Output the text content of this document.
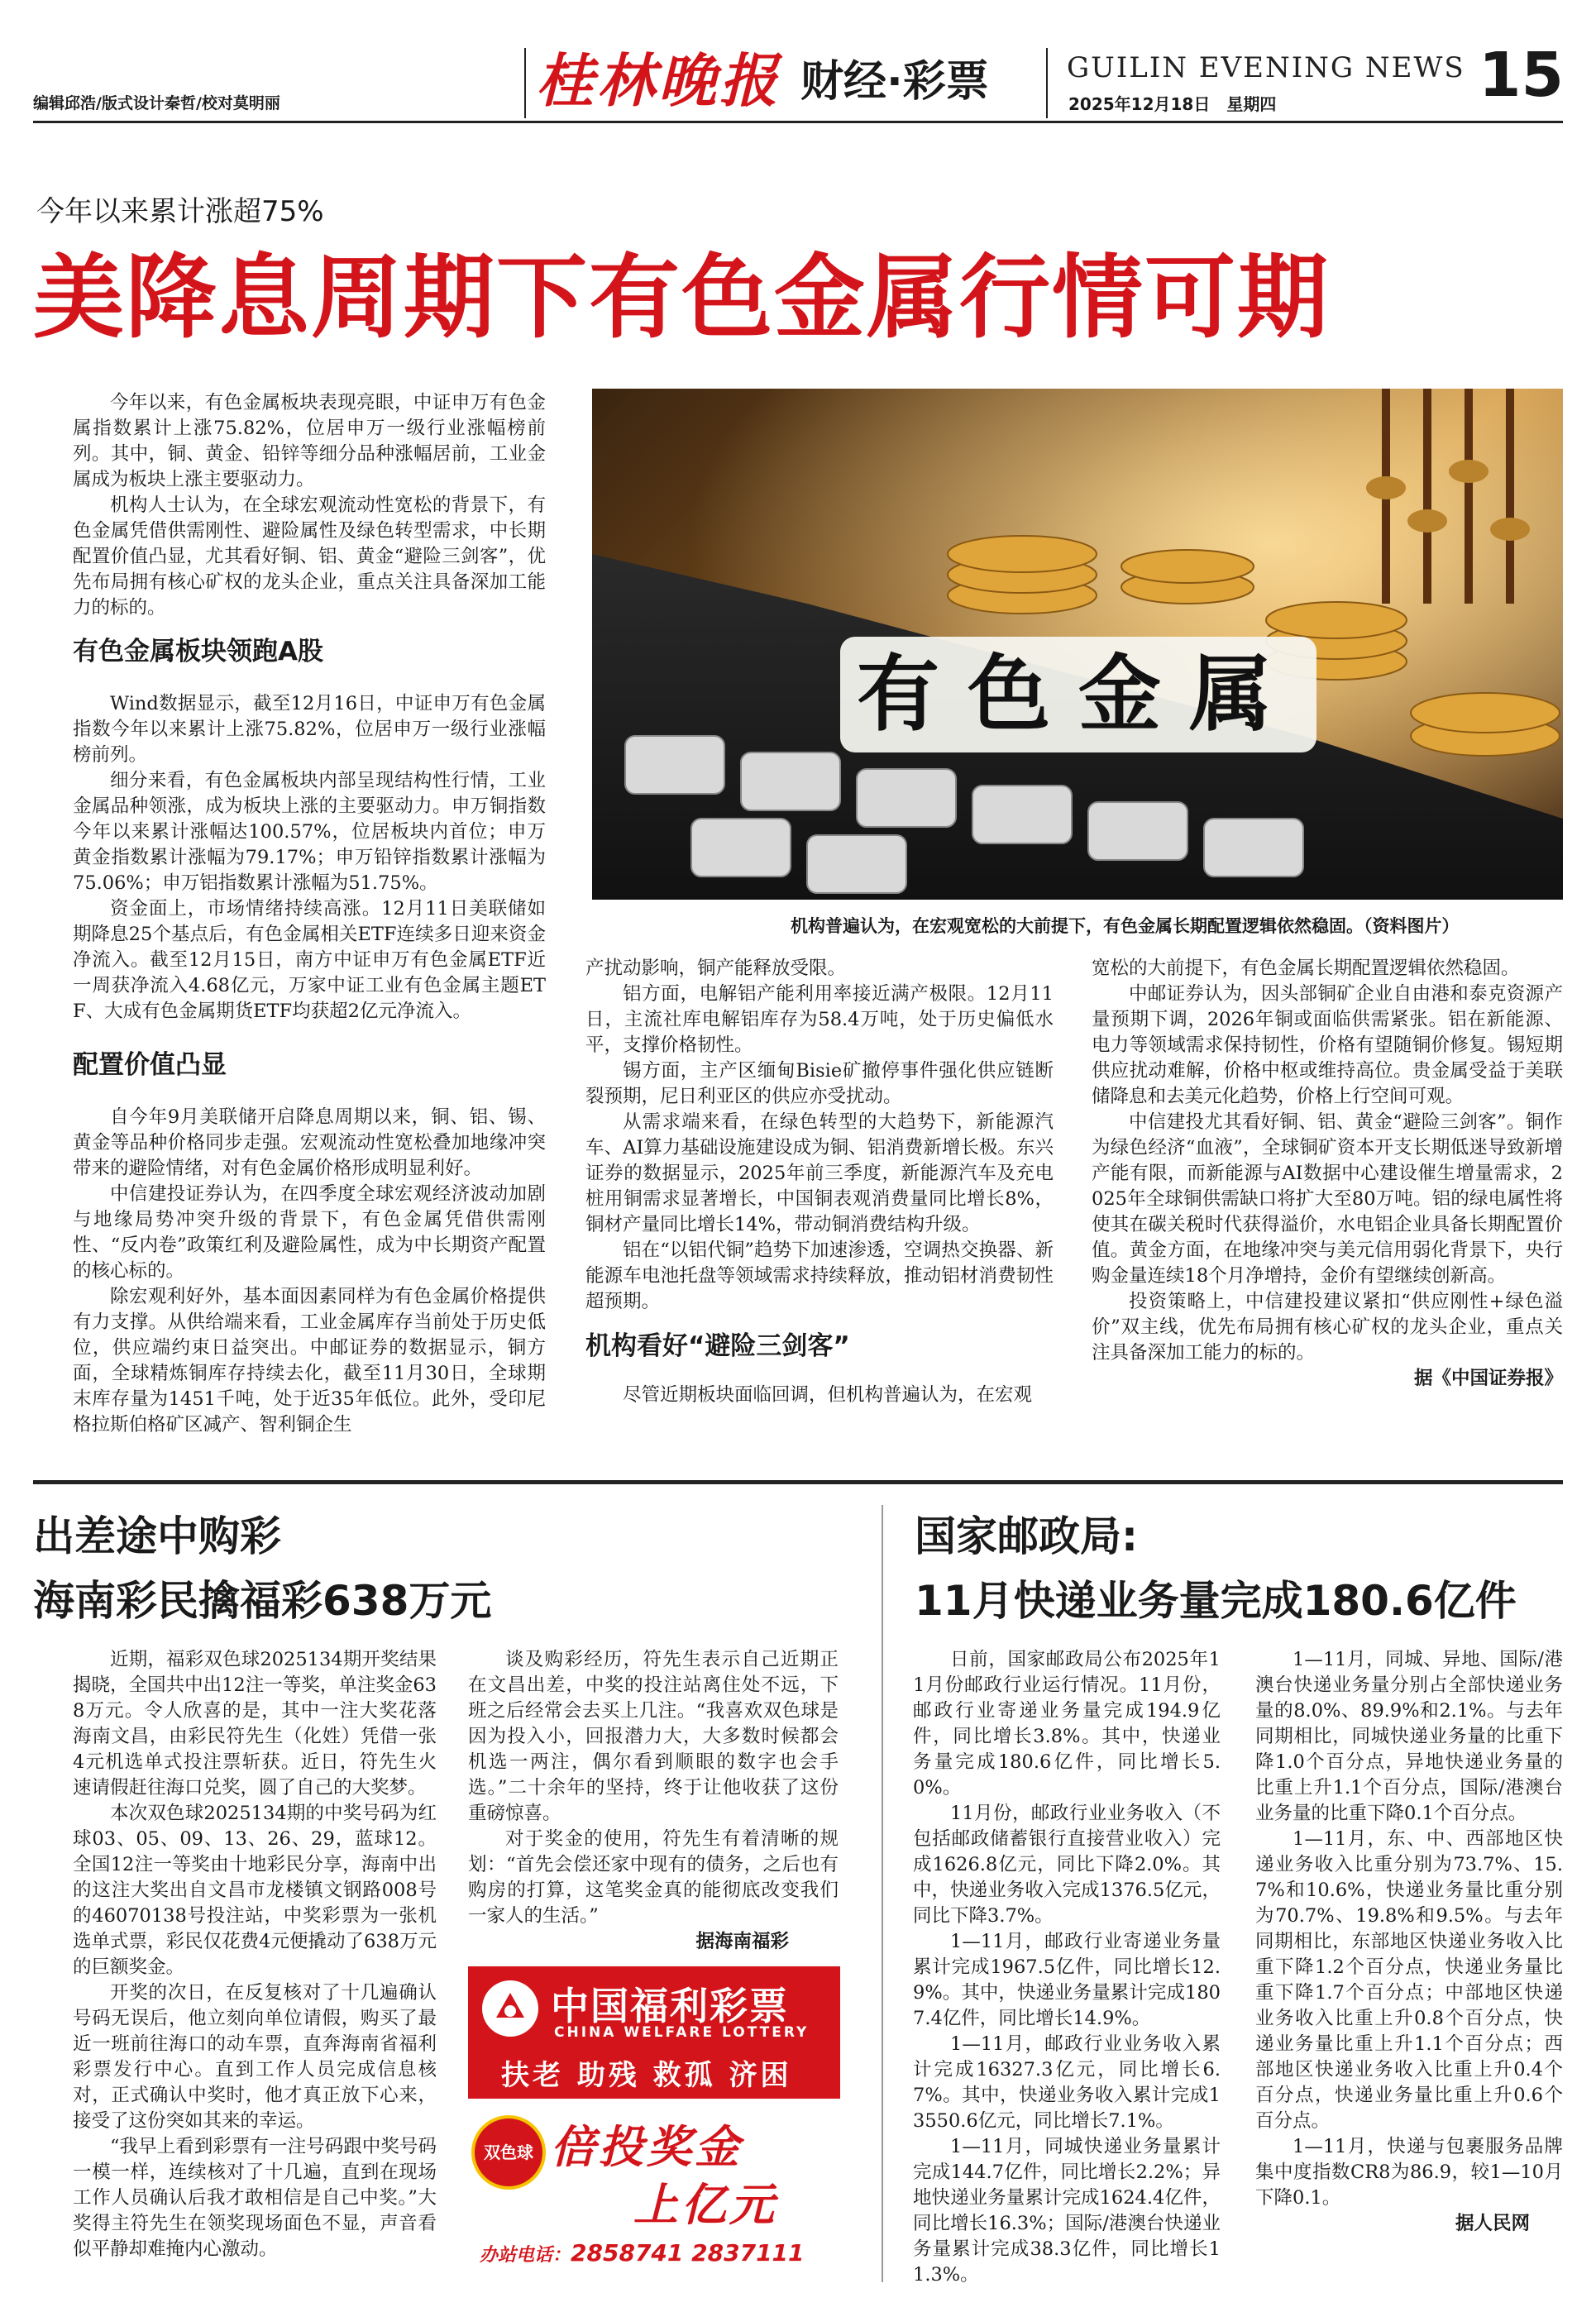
编辑邱浩/版式设计秦哲/校对莫明丽	桂林晚报 财经·彩票	GUILIN EVENING NEWS
2025年12月18日　星期四	15
今年以来累计涨超75%
美降息周期下有色金属行情可期
有色金属
机构普遍认为，在宏观宽松的大前提下，有色金属长期配置逻辑依然稳固。（资料图片）

今年以来，有色金属板块表现亮眼，中证申万有色金属指数累计上涨75.82%，位居申万一级行业涨幅榜前列。其中，铜、黄金、铅锌等细分品种涨幅居前，工业金属成为板块上涨主要驱动力。

机构人士认为，在全球宏观流动性宽松的背景下，有色金属凭借供需刚性、避险属性及绿色转型需求，中长期配置价值凸显，尤其看好铜、铝、黄金“避险三剑客”，优先布局拥有核心矿权的龙头企业，重点关注具备深加工能力的标的。

有色金属板块领跑A股

Wind数据显示，截至12月16日，中证申万有色金属指数今年以来累计上涨75.82%，位居申万一级行业涨幅榜前列。

细分来看，有色金属板块内部呈现结构性行情，工业金属品种领涨，成为板块上涨的主要驱动力。申万铜指数今年以来累计涨幅达100.57%，位居板块内首位；申万黄金指数累计涨幅为79.17%；申万铅锌指数累计涨幅为75.06%；申万铝指数累计涨幅为51.75%。

资金面上，市场情绪持续高涨。12月11日美联储如期降息25个基点后，有色金属相关ETF连续多日迎来资金净流入。截至12月15日，南方中证申万有色金属ETF近一周获净流入4.68亿元，万家中证工业有色金属主题ETF、大成有色金属期货ETF均获超2亿元净流入。

配置价值凸显

自今年9月美联储开启降息周期以来，铜、铝、锡、黄金等品种价格同步走强。宏观流动性宽松叠加地缘冲突带来的避险情绪，对有色金属价格形成明显利好。

中信建投证券认为，在四季度全球宏观经济波动加剧与地缘局势冲突升级的背景下，有色金属凭借供需刚性、“反内卷”政策红利及避险属性，成为中长期资产配置的核心标的。

除宏观利好外，基本面因素同样为有色金属价格提供有力支撑。从供给端来看，工业金属库存当前处于历史低位，供应端约束日益突出。中邮证券的数据显示，铜方面，全球精炼铜库存持续去化，截至11月30日，全球期末库存量为1451千吨，处于近35年低位。此外，受印尼格拉斯伯格矿区减产、智利铜企生

产扰动影响，铜产能释放受限。

铝方面，电解铝产能利用率接近满产极限。12月11日，主流社库电解铝库存为58.4万吨，处于历史偏低水平，支撑价格韧性。

锡方面，主产区缅甸Bisie矿撤停事件强化供应链断裂预期，尼日利亚区的供应亦受扰动。

从需求端来看，在绿色转型的大趋势下，新能源汽车、AI算力基础设施建设成为铜、铝消费新增长极。东兴证券的数据显示，2025年前三季度，新能源汽车及充电桩用铜需求显著增长，中国铜表观消费量同比增长8%，铜材产量同比增长14%，带动铜消费结构升级。

铝在“以铝代铜”趋势下加速渗透，空调热交换器、新能源车电池托盘等领域需求持续释放，推动铝材消费韧性超预期。

机构看好“避险三剑客”

尽管近期板块面临回调，但机构普遍认为，在宏观

宽松的大前提下，有色金属长期配置逻辑依然稳固。

中邮证券认为，因头部铜矿企业自由港和泰克资源产量预期下调，2026年铜或面临供需紧张。铝在新能源、电力等领域需求保持韧性，价格有望随铜价修复。锡短期供应扰动难解，价格中枢或维持高位。贵金属受益于美联储降息和去美元化趋势，价格上行空间可观。

中信建投尤其看好铜、铝、黄金“避险三剑客”。铜作为绿色经济“血液”，全球铜矿资本开支长期低迷导致新增产能有限，而新能源与AI数据中心建设催生增量需求，2025年全球铜供需缺口将扩大至80万吨。铝的绿电属性将使其在碳关税时代获得溢价，水电铝企业具备长期配置价值。黄金方面，在地缘冲突与美元信用弱化背景下，央行购金量连续18个月净增持，金价有望继续创新高。

投资策略上，中信建投建议紧扣“供应刚性+绿色溢价”双主线，优先布局拥有核心矿权的龙头企业，重点关注具备深加工能力的标的。

据《中国证券报》

出差途中购彩
海南彩民擒福彩638万元

近期，福彩双色球2025134期开奖结果揭晓，全国共中出12注一等奖，单注奖金638万元。令人欣喜的是，其中一注大奖花落海南文昌，由彩民符先生（化姓）凭借一张4元机选单式投注票斩获。近日，符先生火速请假赶往海口兑奖，圆了自己的大奖梦。

本次双色球2025134期的中奖号码为红球03、05、09、13、26、29，蓝球12。全国12注一等奖由十地彩民分享，海南中出的这注大奖出自文昌市龙楼镇文钢路008号的46070138号投注站，中奖彩票为一张机选单式票，彩民仅花费4元便撬动了638万元的巨额奖金。

开奖的次日，在反复核对了十几遍确认号码无误后，他立刻向单位请假，购买了最近一班前往海口的动车票，直奔海南省福利彩票发行中心。直到工作人员完成信息核对，正式确认中奖时，他才真正放下心来，接受了这份突如其来的幸运。

“我早上看到彩票有一注号码跟中奖号码一模一样，连续核对了十几遍，直到在现场工作人员确认后我才敢相信是自己中奖。”大奖得主符先生在领奖现场面色不显，声音看似平静却难掩内心激动。

谈及购彩经历，符先生表示自己近期正在文昌出差，中奖的投注站离住处不远，下班之后经常会去买上几注。“我喜欢双色球是因为投入小，回报潜力大，大多数时候都会机选一两注，偶尔看到顺眼的数字也会手选。”二十余年的坚持，终于让他收获了这份重磅惊喜。

对于奖金的使用，符先生有着清晰的规划：“首先会偿还家中现有的债务，之后也有购房的打算，这笔奖金真的能彻底改变我们一家人的生活。”

据海南福彩

中国福利彩票
CHINA WELFARE LOTTERY
扶老 助残 救孤 济困
双色球 倍投奖金
上亿元
办站电话：2858741 2837111
国家邮政局:
11月快递业务量完成180.6亿件

日前，国家邮政局公布2025年11月份邮政行业运行情况。11月份，邮政行业寄递业务量完成194.9亿件，同比增长3.8%。其中，快递业务量完成180.6亿件，同比增长5.0%。

11月份，邮政行业业务收入（不包括邮政储蓄银行直接营业收入）完成1626.8亿元，同比下降2.0%。其中，快递业务收入完成1376.5亿元，同比下降3.7%。

1—11月，邮政行业寄递业务量累计完成1967.5亿件，同比增长12.9%。其中，快递业务量累计完成1807.4亿件，同比增长14.9%。

1—11月，邮政行业业务收入累计完成16327.3亿元，同比增长6.7%。其中，快递业务收入累计完成13550.6亿元，同比增长7.1%。

1—11月，同城快递业务量累计完成144.7亿件，同比增长2.2%；异地快递业务量累计完成1624.4亿件，同比增长16.3%；国际/港澳台快递业务量累计完成38.3亿件，同比增长11.3%。

1—11月，同城、异地、国际/港澳台快递业务量分别占全部快递业务量的8.0%、89.9%和2.1%。与去年同期相比，同城快递业务量的比重下降1.0个百分点，异地快递业务量的比重上升1.1个百分点，国际/港澳台业务量的比重下降0.1个百分点。

1—11月，东、中、西部地区快递业务收入比重分别为73.7%、15.7%和10.6%，快递业务量比重分别为70.7%、19.8%和9.5%。与去年同期相比，东部地区快递业务收入比重下降1.2个百分点，快递业务量比重下降1.7个百分点；中部地区快递业务收入比重上升0.8个百分点，快递业务量比重上升1.1个百分点；西部地区快递业务收入比重上升0.4个百分点，快递业务量比重上升0.6个百分点。

1—11月，快递与包裹服务品牌集中度指数CR8为86.9，较1—10月下降0.1。

据人民网
